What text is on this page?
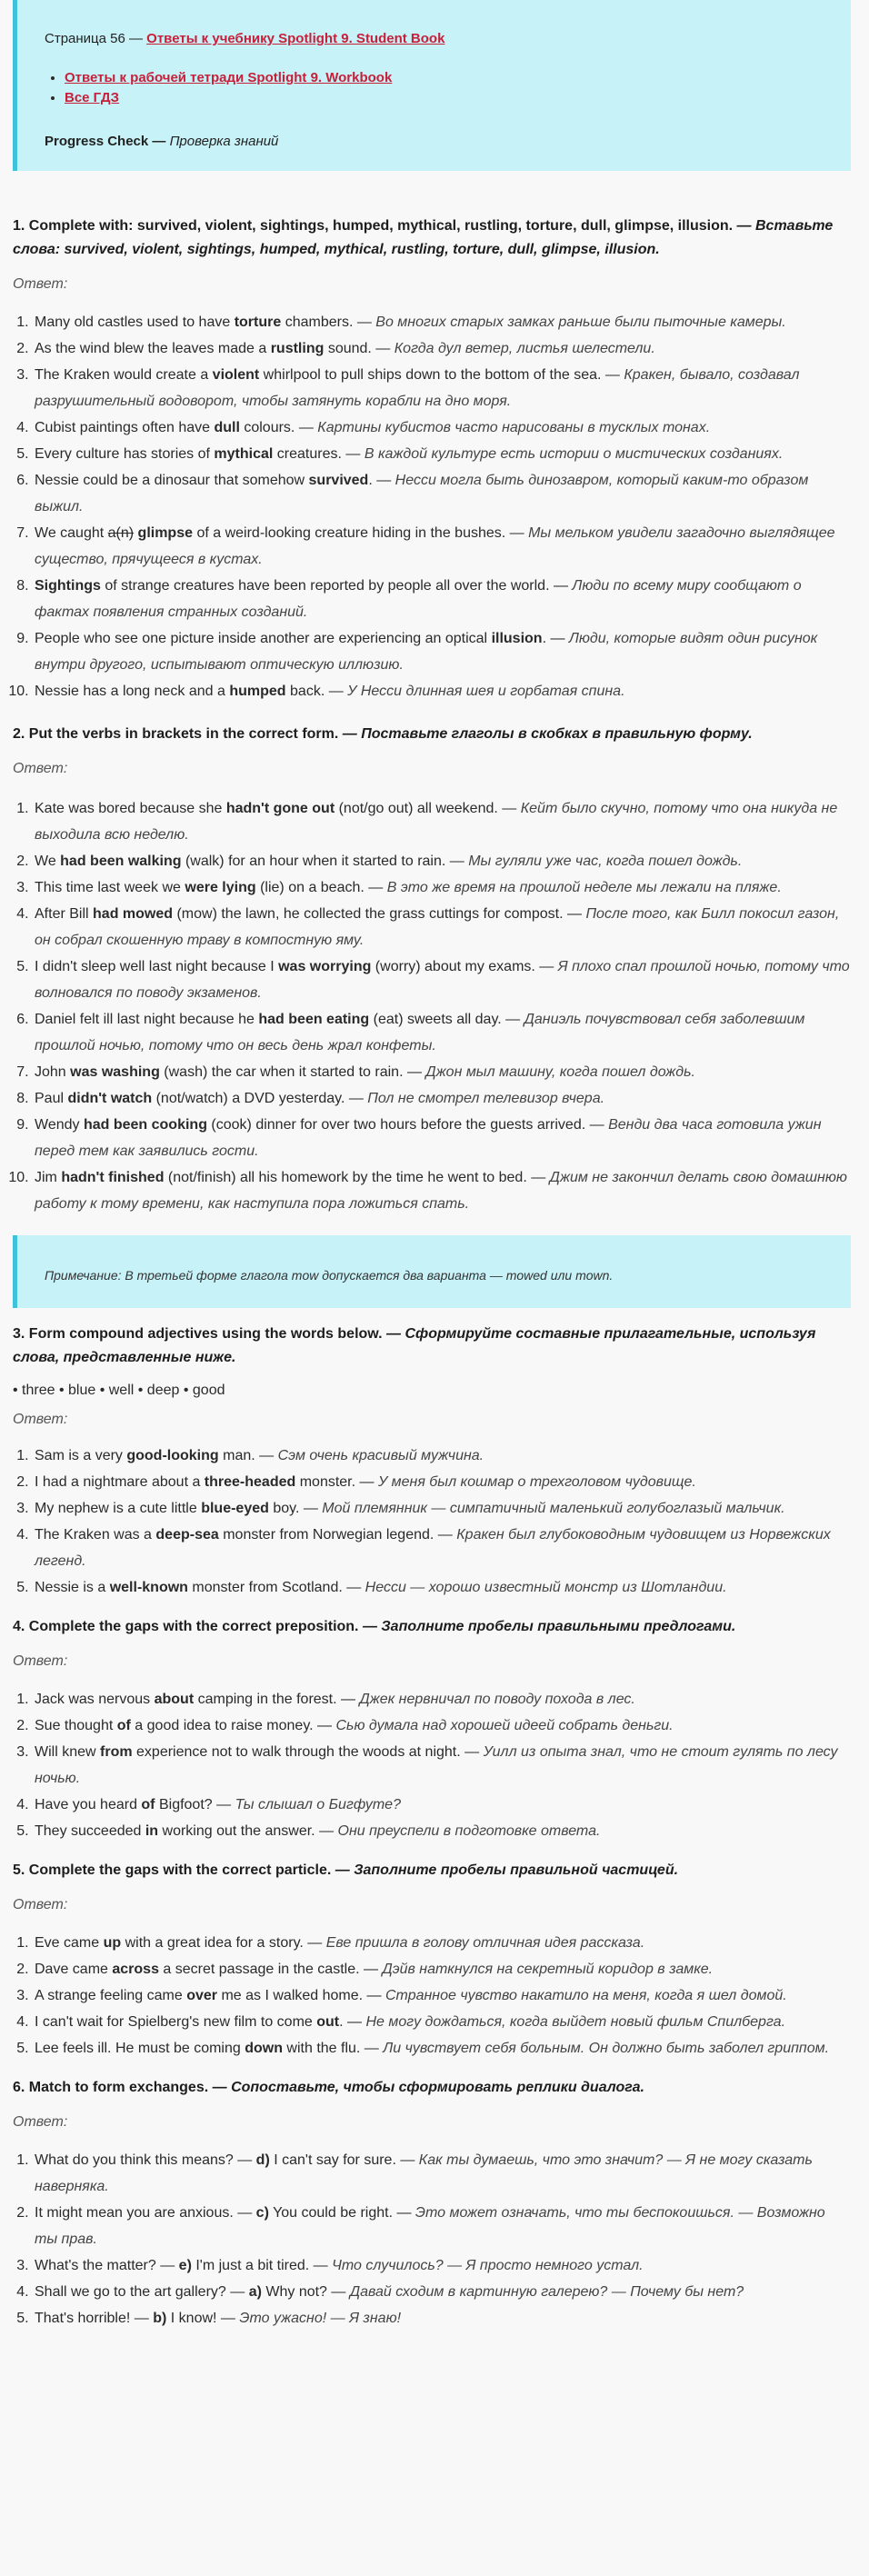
Страница 56 — Ответы к учебнику Spotlight 9. Student Book
• Ответы к рабочей тетради Spotlight 9. Workbook
• Все ГДЗ
Progress Check — Проверка знаний
1. Complete with: survived, violent, sightings, humped, mythical, rustling, torture, dull, glimpse, illusion. — Вставьте слова: survived, violent, sightings, humped, mythical, rustling, torture, dull, glimpse, illusion.

Ответ:

1. Many old castles used to have torture chambers. — Во многих старых замках раньше были пыточные камеры.
2. As the wind blew the leaves made a rustling sound. — Когда дул ветер, листья шелестели.
3. The Kraken would create a violent whirlpool to pull ships down to the bottom of the sea. — Кракен, бывало, создавал разрушительный водоворот, чтобы затянуть корабли на дно моря.
4. Cubist paintings often have dull colours. — Картины кубистов часто нарисованы в тусклых тонах.
5. Every culture has stories of mythical creatures. — В каждой культуре есть истории о мистических созданиях.
6. Nessie could be a dinosaur that somehow survived. — Несси могла быть динозавром, который каким-то образом выжил.
7. We caught a(n) glimpse of a weird-looking creature hiding in the bushes. — Мы мельком увидели загадочно выглядящее существо, прячущееся в кустах.
8. Sightings of strange creatures have been reported by people all over the world. — Люди по всему миру сообщают о фактах появления странных созданий.
9. People who see one picture inside another are experiencing an optical illusion. — Люди, которые видят один рисунок внутри другого, испытывают оптическую иллюзию.
10. Nessie has a long neck and a humped back. — У Несси длинная шея и горбатая спина.
2. Put the verbs in brackets in the correct form. — Поставьте глаголы в скобках в правильную форму.

Ответ:

1. Kate was bored because she hadn't gone out (not/go out) all weekend. — Кейт было скучно, потому что она никуда не выходила всю неделю.
2. We had been walking (walk) for an hour when it started to rain. — Мы гуляли уже час, когда пошел дождь.
3. This time last week we were lying (lie) on a beach. — В это же время на прошлой неделе мы лежали на пляже.
4. After Bill had mowed (mow) the lawn, he collected the grass cuttings for compost. — После того, как Билл покосил газон, он собрал скошенную траву в компостную яму.
5. I didn't sleep well last night because I was worrying (worry) about my exams. — Я плохо спал прошлой ночью, потому что волновался по поводу экзаменов.
6. Daniel felt ill last night because he had been eating (eat) sweets all day. — Даниэль почувствовал себя заболевшим прошлой ночью, потому что он весь день жрал конфеты.
7. John was washing (wash) the car when it started to rain. — Джон мыл машину, когда пошел дождь.
8. Paul didn't watch (not/watch) a DVD yesterday. — Пол не смотрел телевизор вчера.
9. Wendy had been cooking (cook) dinner for over two hours before the guests arrived. — Венди два часа готовила ужин перед тем как заявились гости.
10. Jim hadn't finished (not/finish) all his homework by the time he went to bed. — Джим не закончил делать свою домашнюю работу к тому времени, как наступила пора ложиться спать.
Примечание: В третьей форме глагола mow допускается два варианта — mowed или mown.
3. Form compound adjectives using the words below. — Сформируйте составные прилагательные, используя слова, представленные ниже.

• three • blue • well • deep • good

Ответ:

1. Sam is a very good-looking man. — Сэм очень красивый мужчина.
2. I had a nightmare about a three-headed monster. — У меня был кошмар о трехголовом чудовище.
3. My nephew is a cute little blue-eyed boy. — Мой племянник — симпатичный маленький голубоглазый мальчик.
4. The Kraken was a deep-sea monster from Norwegian legend. — Кракен был глубоководным чудовищем из Норвежских легенд.
5. Nessie is a well-known monster from Scotland. — Несси — хорошо известный монстр из Шотландии.
4. Complete the gaps with the correct preposition. — Заполните пробелы правильными предлогами.

Ответ:

1. Jack was nervous about camping in the forest. — Джек нервничал по поводу похода в лес.
2. Sue thought of a good idea to raise money. — Сью думала над хорошей идеей собрать деньги.
3. Will knew from experience not to walk through the woods at night. — Уилл из опыта знал, что не стоит гулять по лесу ночью.
4. Have you heard of Bigfoot? — Ты слышал о Бигфуте?
5. They succeeded in working out the answer. — Они преуспели в подготовке ответа.
5. Complete the gaps with the correct particle. — Заполните пробелы правильной частицей.

Ответ:

1. Eve came up with a great idea for a story. — Еве пришла в голову отличная идея рассказа.
2. Dave came across a secret passage in the castle. — Дэйв наткнулся на секретный коридор в замке.
3. A strange feeling came over me as I walked home. — Странное чувство накатило на меня, когда я шел домой.
4. I can't wait for Spielberg's new film to come out. — Не могу дождаться, когда выйдет новый фильм Спилберга.
5. Lee feels ill. He must be coming down with the flu. — Ли чувствует себя больным. Он должно быть заболел гриппом.
6. Match to form exchanges. — Сопоставьте, чтобы сформировать реплики диалога.

Ответ:

1. What do you think this means? — d) I can't say for sure. — Как ты думаешь, что это значит? — Я не могу сказать наверняка.
2. It might mean you are anxious. — c) You could be right. — Это может означать, что ты беспокоишься. — Возможно ты прав.
3. What's the matter? — e) I'm just a bit tired. — Что случилось? — Я просто немного устал.
4. Shall we go to the art gallery? — a) Why not? — Давай сходим в картинную галерею? — Почему бы нет?
5. That's horrible! — b) I know! — Это ужасно! — Я знаю!
